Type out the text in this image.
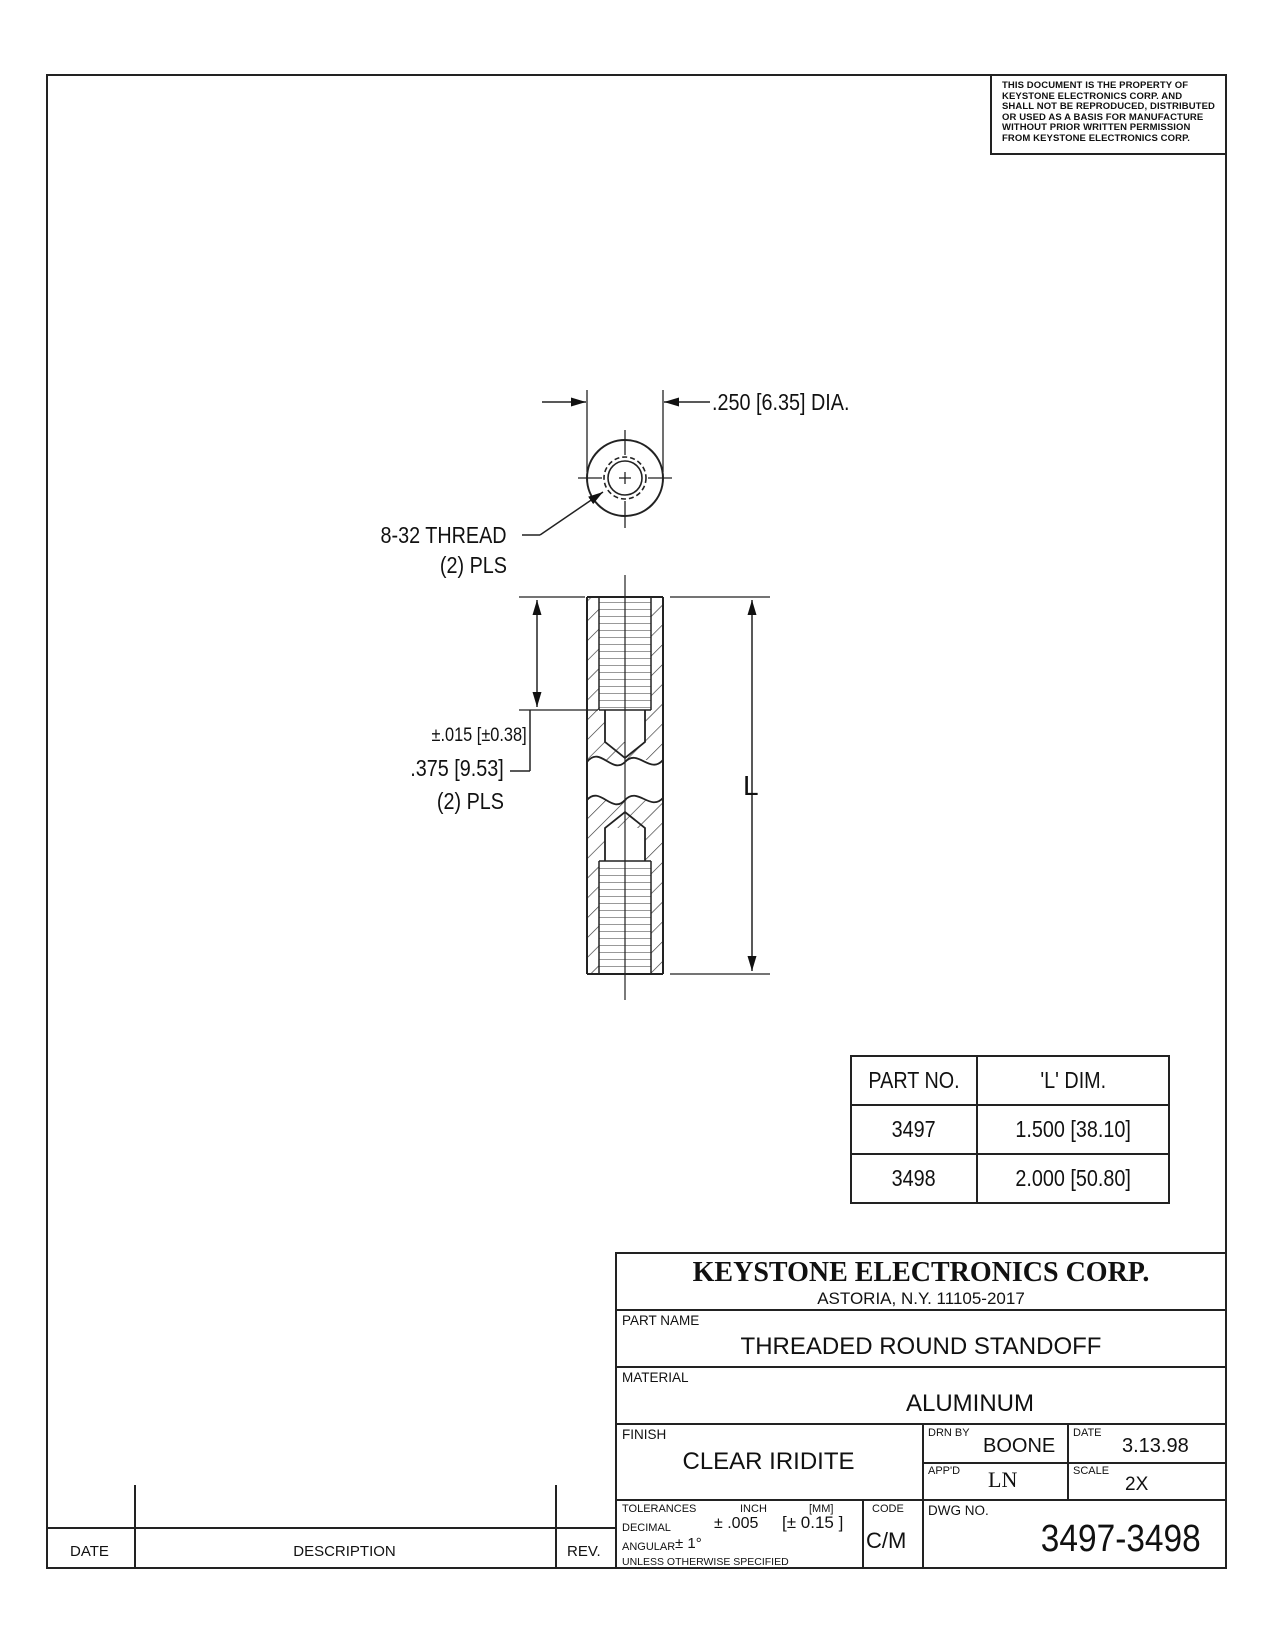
THIS DOCUMENT IS THE PROPERTY OF
KEYSTONE ELECTRONICS CORP. AND
SHALL NOT BE REPRODUCED, DISTRIBUTED
OR USED AS A BASIS FOR MANUFACTURE
WITHOUT PRIOR WRITTEN PERMISSION
FROM KEYSTONE ELECTRONICS CORP.
.250 [6.35] DIA.
8-32 THREAD
(2) PLS
±.015 [±0.38]
.375 [9.53]
(2) PLS	L
PART NO.	'L' DIM.
3497	1.500 [38.10]
3498	2.000 [50.80]
KEYSTONE ELECTRONICS CORP.
ASTORIA, N.Y. 11105-2017
PART NAME
THREADED ROUND STANDOFF
MATERIAL
ALUMINUM
FINISH
CLEAR IRIDITE
DRN BY
BOONE
DATE
3.13.98
APP'D LN	SCALE
2X
TOLERANCES	INCH	[MM]
DECIMAL	± .005 [± 0.15 ]
ANGULAR ± 1°
UNLESS OTHERWISE SPECIFIED
CODE
C/M
DWG NO.
3497-3498
DATE	DESCRIPTION	REV.
